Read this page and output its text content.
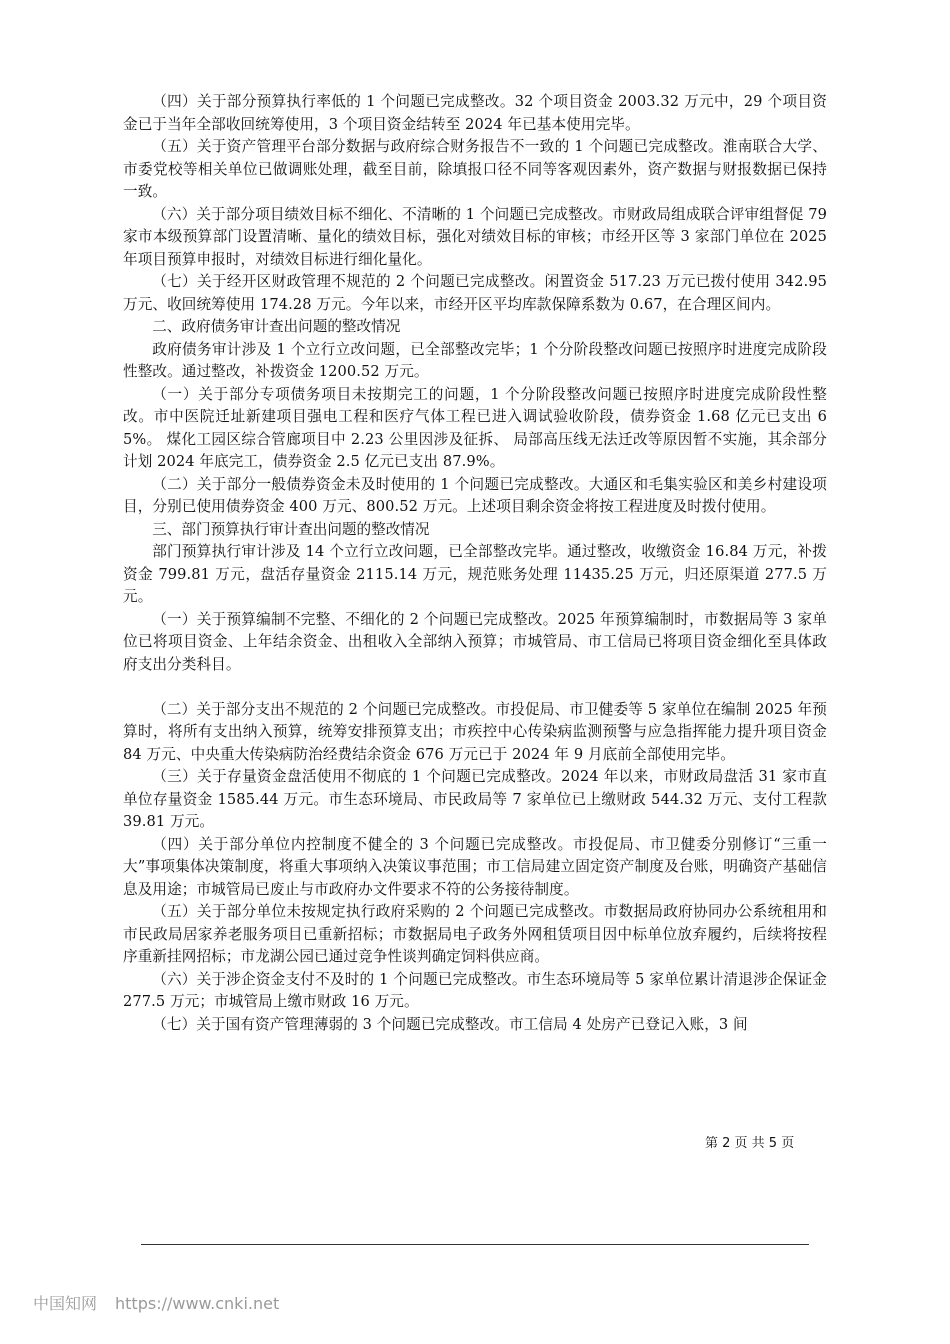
（四）关于部分预算执行率低的 1 个问题已完成整改。32 个项目资金 2003.32 万元中，29 个项目资金已于当年全部收回统筹使用，3 个项目资金结转至 2024 年已基本使用完毕。

（五）关于资产管理平台部分数据与政府综合财务报告不一致的 1 个问题已完成整改。淮南联合大学、市委党校等相关单位已做调账处理，截至目前，除填报口径不同等客观因素外，资产数据与财报数据已保持一致。

（六）关于部分项目绩效目标不细化、不清晰的 1 个问题已完成整改。市财政局组成联合评审组督促 79 家市本级预算部门设置清晰、量化的绩效目标，强化对绩效目标的审核；市经开区等 3 家部门单位在 2025 年项目预算申报时，对绩效目标进行细化量化。

（七）关于经开区财政管理不规范的 2 个问题已完成整改。闲置资金 517.23 万元已拨付使用 342.95 万元、收回统筹使用 174.28 万元。今年以来，市经开区平均库款保障系数为 0.67，在合理区间内。

二、政府债务审计查出问题的整改情况

政府债务审计涉及 1 个立行立改问题，已全部整改完毕；1 个分阶段整改问题已按照序时进度完成阶段性整改。通过整改，补拨资金 1200.52 万元。

（一）关于部分专项债务项目未按期完工的问题，1 个分阶段整改问题已按照序时进度完成阶段性整改。市中医院迁址新建项目强电工程和医疗气体工程已进入调试验收阶段，债券资金 1.68 亿元已支出 65%。 煤化工园区综合管廊项目中 2.23 公里因涉及征拆、 局部高压线无法迁改等原因暂不实施，其余部分计划 2024 年底完工，债券资金 2.5 亿元已支出 87.9%。

（二）关于部分一般债券资金未及时使用的 1 个问题已完成整改。大通区和毛集实验区和美乡村建设项目，分别已使用债券资金 400 万元、800.52 万元。上述项目剩余资金将按工程进度及时拨付使用。

三、部门预算执行审计查出问题的整改情况

部门预算执行审计涉及 14 个立行立改问题，已全部整改完毕。通过整改，收缴资金 16.84 万元，补拨资金 799.81 万元，盘活存量资金 2115.14 万元，规范账务处理 11435.25 万元，归还原渠道 277.5 万元。

（一）关于预算编制不完整、不细化的 2 个问题已完成整改。2025 年预算编制时，市数据局等 3 家单位已将项目资金、上年结余资金、出租收入全部纳入预算；市城管局、市工信局已将项目资金细化至具体政府支出分类科目。

（二）关于部分支出不规范的 2 个问题已完成整改。市投促局、市卫健委等 5 家单位在编制 2025 年预算时，将所有支出纳入预算，统筹安排预算支出；市疾控中心传染病监测预警与应急指挥能力提升项目资金 84 万元、中央重大传染病防治经费结余资金 676 万元已于 2024 年 9 月底前全部使用完毕。

（三）关于存量资金盘活使用不彻底的 1 个问题已完成整改。2024 年以来，市财政局盘活 31 家市直单位存量资金 1585.44 万元。市生态环境局、市民政局等 7 家单位已上缴财政 544.32 万元、支付工程款 39.81 万元。

（四）关于部分单位内控制度不健全的 3 个问题已完成整改。市投促局、市卫健委分别修订“三重一大”事项集体决策制度，将重大事项纳入决策议事范围；市工信局建立固定资产制度及台账，明确资产基础信息及用途；市城管局已废止与市政府办文件要求不符的公务接待制度。

（五）关于部分单位未按规定执行政府采购的 2 个问题已完成整改。市数据局政府协同办公系统租用和市民政局居家养老服务项目已重新招标；市数据局电子政务外网租赁项目因中标单位放弃履约，后续将按程序重新挂网招标；市龙湖公园已通过竞争性谈判确定饲料供应商。

（六）关于涉企资金支付不及时的 1 个问题已完成整改。市生态环境局等 5 家单位累计清退涉企保证金 277.5 万元；市城管局上缴市财政 16 万元。

（七）关于国有资产管理薄弱的 3 个问题已完成整改。市工信局 4 处房产已登记入账，3 间

第 2 页 共 5 页
中国知网 https://www.cnki.net
